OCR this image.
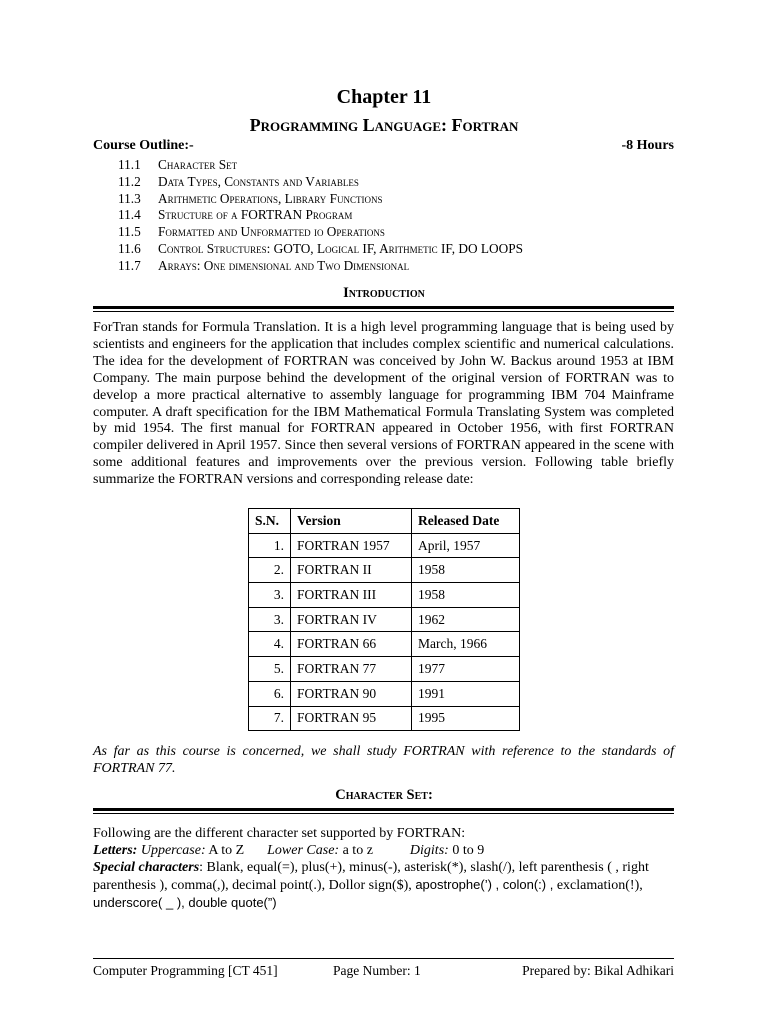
Chapter 11
Programming Language: Fortran
Course Outline:-	-8 Hours
11.1 Character Set
11.2 Data Types, Constants and Variables
11.3 Arithmetic Operations, Library Functions
11.4 Structure of a FORTRAN Program
11.5 Formatted and Unformatted io Operations
11.6 Control Structures: GOTO, Logical IF, Arithmetic IF, DO LOOPS
11.7 Arrays: One dimensional and Two Dimensional
Introduction
ForTran stands for Formula Translation. It is a high level programming language that is being used by scientists and engineers for the application that includes complex scientific and numerical calculations. The idea for the development of FORTRAN was conceived by John W. Backus around 1953 at IBM Company. The main purpose behind the development of the original version of FORTRAN was to develop a more practical alternative to assembly language for programming IBM 704 Mainframe computer. A draft specification for the IBM Mathematical Formula Translating System was completed by mid 1954. The first manual for FORTRAN appeared in October 1956, with first FORTRAN compiler delivered in April 1957. Since then several versions of FORTRAN appeared in the scene with some additional features and improvements over the previous version. Following table briefly summarize the FORTRAN versions and corresponding release date:
S.N.	Version	Released Date
1.	FORTRAN 1957	April, 1957
2.	FORTRAN II	1958
3.	FORTRAN III	1958
3.	FORTRAN IV	1962
4.	FORTRAN 66	March, 1966
5.	FORTRAN 77	1977
6.	FORTRAN 90	1991
7.	FORTRAN 95	1995
As far as this course is concerned, we shall study FORTRAN with reference to the standards of FORTRAN 77.
Character Set:
Following are the different character set supported by FORTRAN:
Letters: Uppercase: A to Z Lower Case: a to z	Digits: 0 to 9
Special characters: Blank, equal(=), plus(+), minus(-), asterisk(*), slash(/), left parenthesis ( , right parenthesis ), comma(,), decimal point(.), Dollor sign($), apostrophe(’) , colon(:) , exclamation(!), underscore( _ ), double quote(”)
Computer Programming [CT 451]	Page Number: 1	Prepared by: Bikal Adhikari
